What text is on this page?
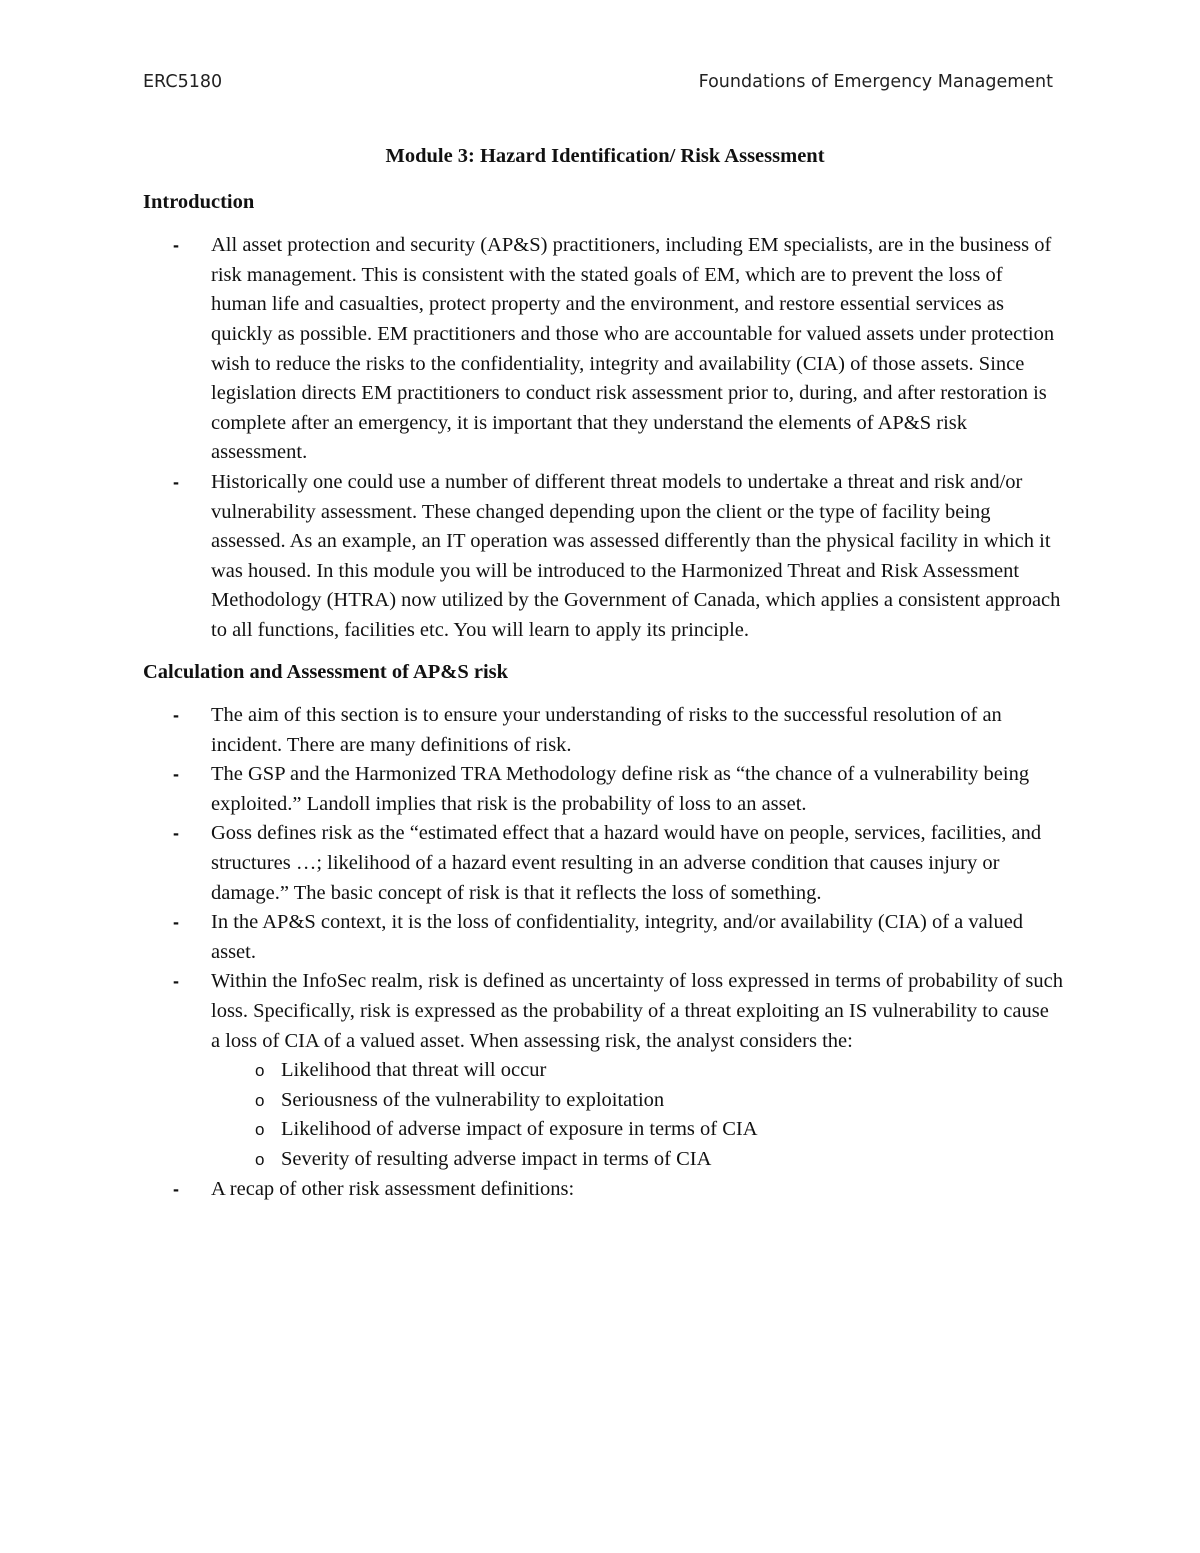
ERC5180	Foundations of Emergency Management
Module 3: Hazard Identification/ Risk Assessment
Introduction
- All asset protection and security (AP&S) practitioners, including EM specialists, are in the business of risk management. This is consistent with the stated goals of EM, which are to prevent the loss of human life and casualties, protect property and the environment, and restore essential services as quickly as possible. EM practitioners and those who are accountable for valued assets under protection wish to reduce the risks to the confidentiality, integrity and availability (CIA) of those assets. Since legislation directs EM practitioners to conduct risk assessment prior to, during, and after restoration is complete after an emergency, it is important that they understand the elements of AP&S risk assessment.
- Historically one could use a number of different threat models to undertake a threat and risk and/or vulnerability assessment. These changed depending upon the client or the type of facility being assessed. As an example, an IT operation was assessed differently than the physical facility in which it was housed. In this module you will be introduced to the Harmonized Threat and Risk Assessment Methodology (HTRA) now utilized by the Government of Canada, which applies a consistent approach to all functions, facilities etc. You will learn to apply its principle.
Calculation and Assessment of AP&S risk
- The aim of this section is to ensure your understanding of risks to the successful resolution of an incident. There are many definitions of risk.
- The GSP and the Harmonized TRA Methodology define risk as “the chance of a vulnerability being exploited.” Landoll implies that risk is the probability of loss to an asset.
- Goss defines risk as the “estimated effect that a hazard would have on people, services, facilities, and structures …; likelihood of a hazard event resulting in an adverse condition that causes injury or damage.” The basic concept of risk is that it reflects the loss of something.
- In the AP&S context, it is the loss of confidentiality, integrity, and/or availability (CIA) of a valued asset.
- Within the InfoSec realm, risk is defined as uncertainty of loss expressed in terms of probability of such loss. Specifically, risk is expressed as the probability of a threat exploiting an IS vulnerability to cause a loss of CIA of a valued asset. When assessing risk, the analyst considers the:
o Likelihood that threat will occur
o Seriousness of the vulnerability to exploitation
o Likelihood of adverse impact of exposure in terms of CIA
o Severity of resulting adverse impact in terms of CIA
- A recap of other risk assessment definitions:
